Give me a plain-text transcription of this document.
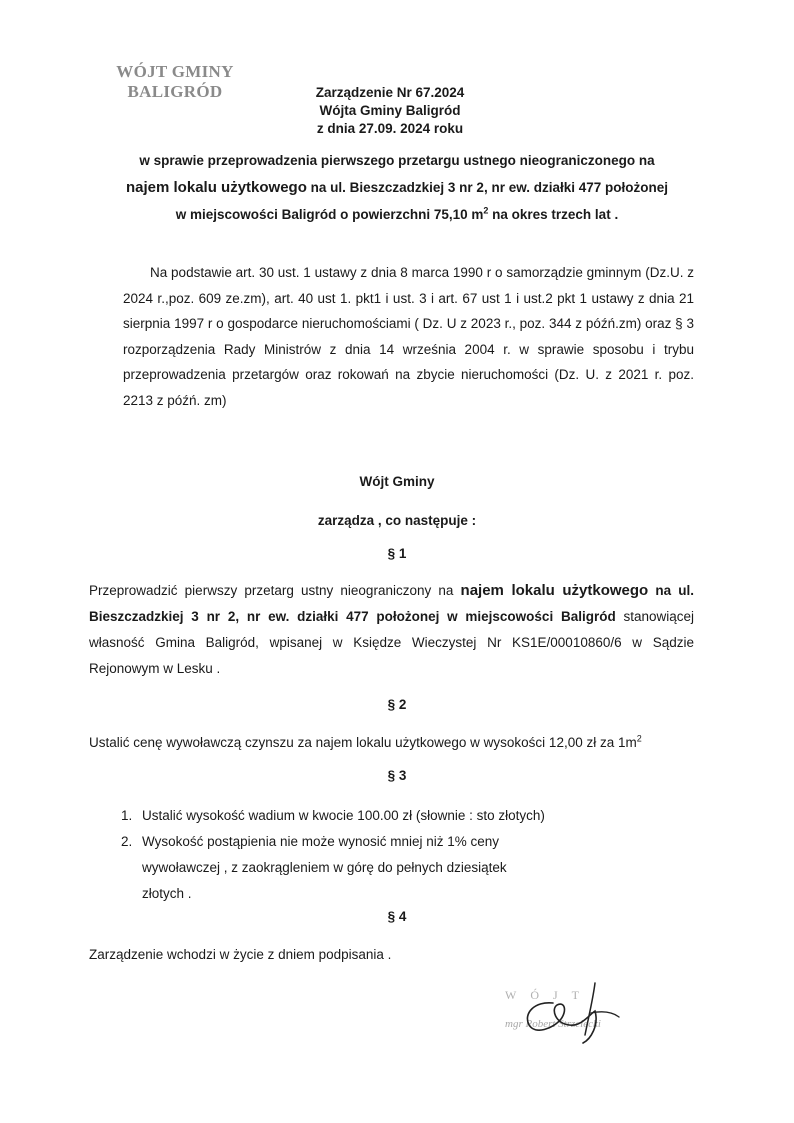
WÓJT GMINY
BALIGRÓD	Zarządzenie Nr 67.2024
Wójta Gminy Baligród
z dnia 27.09. 2024 roku
w sprawie przeprowadzenia pierwszego przetargu ustnego nieograniczonego na
najem lokalu użytkowego na ul. Bieszczadzkiej 3 nr 2, nr ew. działki 477 położonej
w miejscowości Baligród o powierzchni 75,10 $m^2$ na okres trzech lat .
Na podstawie art. 30 ust. 1 ustawy z dnia 8 marca 1990 r o samorządzie gminnym (Dz.U. z 2024 r.,poz. 609 ze.zm), art. 40 ust 1. pkt1 i ust. 3 i art. 67 ust 1 i ust.2 pkt 1 ustawy z dnia 21 sierpnia 1997 r o gospodarce nieruchomościami ( Dz. U z 2023 r., poz. 344 z późń.zm) oraz § 3 rozporządzenia Rady Ministrów z dnia 14 września 2004 r. w sprawie sposobu i trybu przeprowadzenia przetargów oraz rokowań na zbycie nieruchomości (Dz. U. z 2021 r. poz. 2213 z późń. zm)
Wójt Gminy
zarządza , co następuje :
§ 1
Przeprowadzić pierwszy przetarg ustny nieograniczony na najem lokalu użytkowego na ul. Bieszczadzkiej 3 nr 2, nr ew. działki 477 położonej w miejscowości Baligród stanowiącej własność Gmina Baligród, wpisanej w Księdze Wieczystej Nr KS1E/00010860/6 w Sądzie Rejonowym w Lesku .
§ 2
Ustalić cenę wywoławczą czynszu za najem lokalu użytkowego w wysokości 12,00 zł za $1m^2$
§ 3
1. Ustalić wysokość wadium w kwocie 100.00 zł (słownie : sto złotych)
2. Wysokość postąpienia nie może wynosić mniej niż 1% ceny wywoławczej , z zaokrągleniem w górę do pełnych dziesiątek złotych .
§ 4
Zarządzenie wchodzi w życie z dniem podpisania .
WÓJT
mgr Robert Strzelecki
